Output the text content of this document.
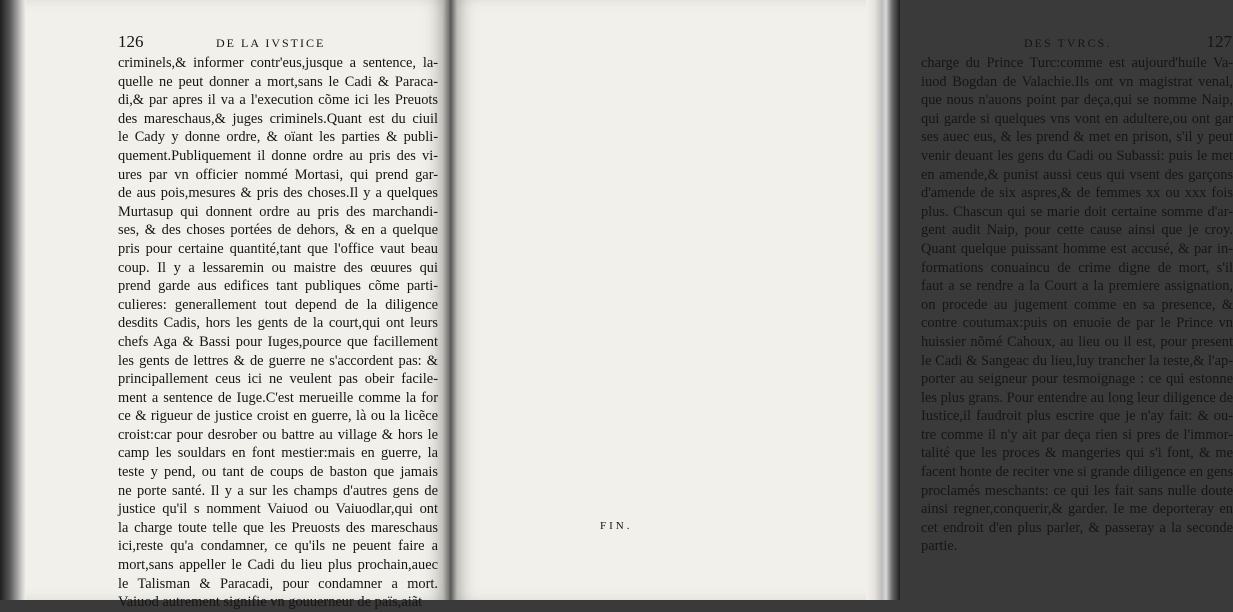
126	DE LA IVSTICE
criminels,& informer contr'eus,jusque a sentence, la-
quelle ne peut donner a mort,sans le Cadi & Paraca-
di,& par apres il va a l'execution cõme ici les Preuots
des mareschaus,& juges criminels.Quant est du ciuil
le Cady y donne ordre, & oïant les parties & publi-
quement.Publiquement il donne ordre au pris des vi-
ures par vn officier nommé Mortasi, qui prend gar-
de aus pois,mesures & pris des choses.Il y a quelques
Murtasup qui donnent ordre au pris des marchandi-
ses, & des choses portées de dehors, & en a quelque
pris pour certaine quantité,tant que l'office vaut beau
coup. Il y a lessaremin ou maistre des œuures qui
prend garde aus edifices tant publiques cõme parti-
culieres: generallement tout depend de la diligence
desdits Cadis, hors les gents de la court,qui ont leurs
chefs Aga & Bassi pour Iuges,pource que facillement
les gents de lettres & de guerre ne s'accordent pas: &
principallement ceus ici ne veulent pas obeir facile-
ment a sentence de Iuge.C'est merueille comme la for
ce & rigueur de justice croist en guerre, là ou la licẽce
croist:car pour desrober ou battre au village & hors le
camp les souldars en font mestier:mais en guerre, la
teste y pend, ou tant de coups de baston que jamais
ne porte santé. Il y a sur les champs d'autres gens de
justice qu'il s nomment Vaiuod ou Vaiuodlar,qui ont
la charge toute telle que les Preuosts des mareschaus
ici,reste qu'a condamner, ce qu'ils ne peuent faire a
mort,sans appeller le Cadi du lieu plus prochain,auec
le Talisman & Paracadi, pour condamner a mort.
Vaiuod autrement signifie vn gouuerneur de païs,aiãt
DES TVRCS.	127
charge du Prince Turc:comme est aujourd'huile Va-
iuod Bogdan de Valachie.Ils ont vn magistrat venal,
que nous n'auons point par deça,qui se nomme Naip,
qui garde si quelques vns vont en adultere,ou ont gar
ses auec eus, & les prend & met en prison, s'il y peut
venir deuant les gens du Cadi ou Subassi: puis le met
en amende,& punist aussi ceus qui vsent des garçons
d'amende de six aspres,& de femmes xx ou xxx fois
plus. Chascun qui se marie doit certaine somme d'ar-
gent audit Naip, pour cette cause ainsi que je croy.
Quant quelque puissant homme est accusé, & par in-
formations conuaincu de crime digne de mort, s'il
faut a se rendre a la Court a la premiere assignation,
on procede au jugement comme en sa presence, &
contre coutumax:puis on enuoie de par le Prince vn
huissier nõmé Cahoux, au lieu ou il est, pour present
le Cadi & Sangeac du lieu,luy trancher la teste,& l'ap-
porter au seigneur pour tesmoignage : ce qui estonne
les plus grans. Pour entendre au long leur diligence de
Iustice,il faudroit plus escrire que je n'ay fait: & ou-
tre comme il n'y ait par deça rien si pres de l'immor-
talité que les proces & mangeries qui s'i font, & me
facent honte de reciter vne si grande diligence en gens
proclamés meschants: ce qui les fait sans nulle doute
ainsi regner,conquerir,& garder. Ie me deporteray en
cet endroit d'en plus parler, & passeray a la seconde
partie.
FIN.
